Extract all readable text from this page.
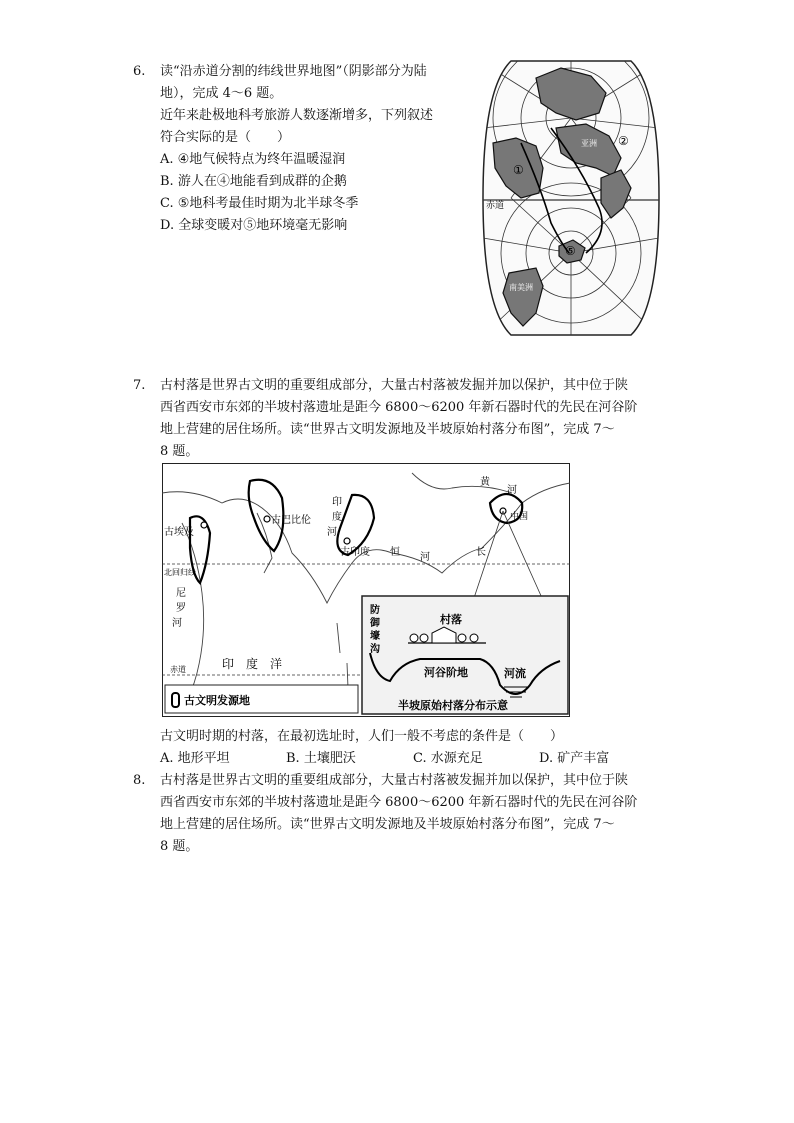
6.	读“沿赤道分割的纬线世界地图”（阴影部分为陆
地），完成 4～6 题。
近年来赴极地科考旅游人数逐渐增多，下列叙述
符合实际的是（　　）
A. ④地气候特点为终年温暖湿润
B. 游人在④地能看到成群的企鹅
C. ⑤地科考最佳时期为北半球冬季
D. 全球变暖对⑤地环境毫无影响
①
②
⑤
赤道
南美洲
亚洲
7.	古村落是世界古文明的重要组成部分，大量古村落被发掘并加以保护，其中位于陕
西省西安市东郊的半坡村落遗址是距今 6800～6200 年新石器时代的先民在河谷阶
地上营建的居住场所。读“世界古文明发源地及半坡原始村落分布图”，完成 7～
8 题。
古埃及
古巴比伦
古印度
中国
北回归线
尼
罗
河
印
度
河
恒 河
黄
河
长
赤道	印　度　洋
古文明发源地
村落
防
御
壕
沟
河谷阶地	河流
半坡原始村落分布示意
古文明时期的村落，在最初选址时，人们一般不考虑的条件是（　　）
A. 地形平坦	B. 土壤肥沃	C. 水源充足	D. 矿产丰富
8.	古村落是世界古文明的重要组成部分，大量古村落被发掘并加以保护，其中位于陕
西省西安市东郊的半坡村落遗址是距今 6800～6200 年新石器时代的先民在河谷阶
地上营建的居住场所。读“世界古文明发源地及半坡原始村落分布图”，完成 7～
8 题。
